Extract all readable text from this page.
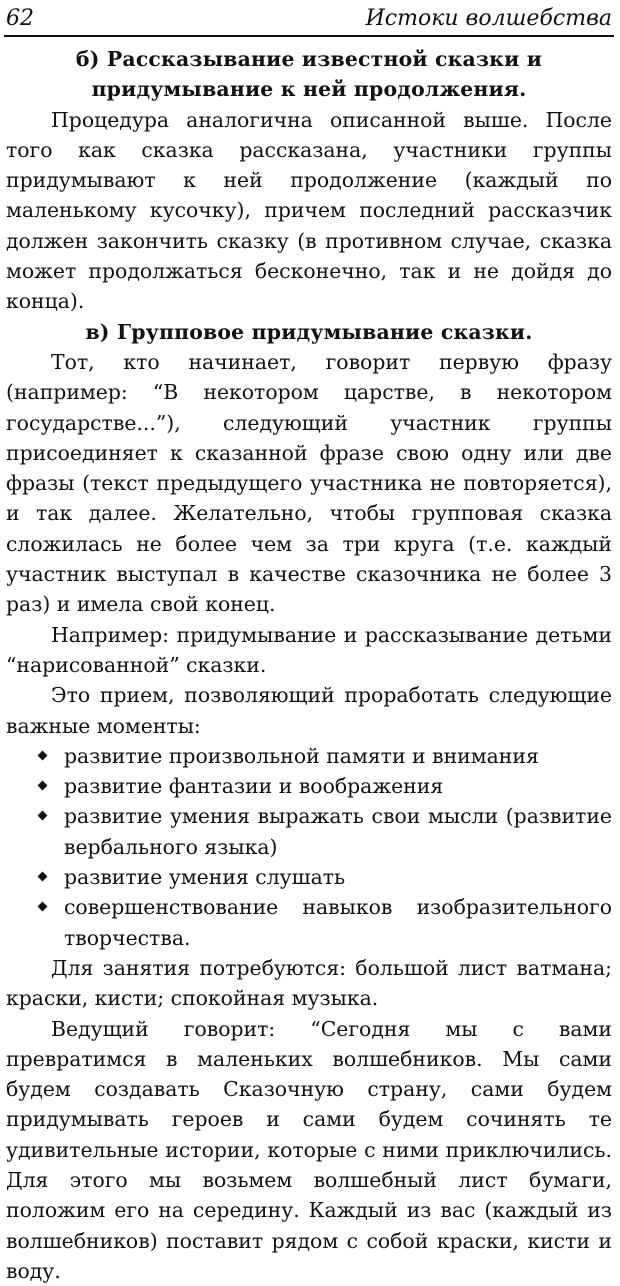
62	Истоки волшебства
б) Рассказывание известной сказки и придумывание к ней продолжения.

Процедура аналогична описанной выше. После того как сказка рассказана, участники группы придумывают к ней продолжение (каждый по маленькому кусочку), причем последний рассказчик должен закончить сказку (в противном случае, сказка может продолжаться бесконечно, так и не дойдя до конца).

в) Групповое придумывание сказки.

Тот, кто начинает, говорит первую фразу (например: “В некотором царстве, в некотором государстве...”), следующий участник группы присоединяет к сказанной фразе свою одну или две фразы (текст предыдущего участника не повторяется), и так далее. Желательно, чтобы групповая сказка сложилась не более чем за три круга (т.е. каждый участник выступал в качестве сказочника не более 3 раз) и имела свой конец.

Например: придумывание и рассказывание детьми “нарисованной” сказки.

Это прием, позволяющий проработать следующие важные моменты:

развитие произвольной памяти и внимания
развитие фантазии и воображения
развитие умения выражать свои мысли (развитие вербального языка)
развитие умения слушать
совершенствование навыков изобразительного творчества.

Для занятия потребуются: большой лист ватмана; краски, кисти; спокойная музыка.

Ведущий говорит: “Сегодня мы с вами превратимся в маленьких волшебников. Мы сами будем создавать Сказочную страну, сами будем придумывать героев и сами будем сочинять те удивительные истории, которые с ними приключились. Для этого мы возьмем волшебный лист бумаги, положим его на середину. Каждый из вас (каждый из волшебников) поставит рядом с собой краски, кисти и воду.
